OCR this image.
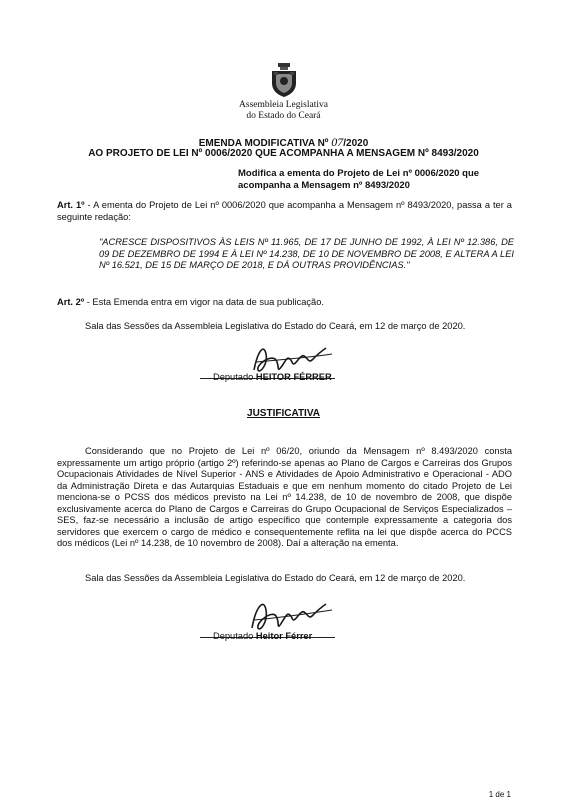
Assembleia Legislativa
do Estado do Ceará
EMENDA MODIFICATIVA Nº 07/2020
AO PROJETO DE LEI Nº 0006/2020 QUE ACOMPANHA A MENSAGEM Nº 8493/2020
Modifica a ementa do Projeto de Lei nº 0006/2020 que
acompanha a Mensagem nº 8493/2020
Art. 1º - A ementa do Projeto de Lei nº 0006/2020 que acompanha a Mensagem nº 8493/2020, passa a ter a seguinte redação:
"ACRESCE DISPOSITIVOS ÀS LEIS Nº 11.965, DE 17 DE JUNHO DE 1992, À LEI Nº 12.386, DE 09 DE DEZEMBRO DE 1994 E À LEI Nº 14.238, DE 10 DE NOVEMBRO DE 2008, E ALTERA A LEI Nº 16.521, DE 15 DE MARÇO DE 2018, E DÁ OUTRAS PROVIDÊNCIAS."
Art. 2º - Esta Emenda entra em vigor na data de sua publicação.
Sala das Sessões da Assembleia Legislativa do Estado do Ceará, em 12 de março de 2020.
Deputado HEITOR FÉRRER
JUSTIFICATIVA
Considerando que no Projeto de Lei nº 06/20, oriundo da Mensagem nº 8.493/2020 consta expressamente um artigo próprio (artigo 2º) referindo-se apenas ao Plano de Cargos e Carreiras dos Grupos Ocupacionais Atividades de Nível Superior - ANS e Atividades de Apoio Administrativo e Operacional - ADO da Administração Direta e das Autarquias Estaduais e que em nenhum momento do citado Projeto de Lei menciona-se o PCSS dos médicos previsto na Lei nº 14.238, de 10 de novembro de 2008, que dispõe exclusivamente acerca do Plano de Cargos e Carreiras do Grupo Ocupacional de Serviços Especializados – SES, faz-se necessário a inclusão de artigo específico que contemple expressamente a categoria dos servidores que exercem o cargo de médico e consequentemente reflita na lei que dispõe acerca do PCCS dos médicos (Lei nº 14.238, de 10 novembro de 2008). Daí a alteração na ementa.
Sala das Sessões da Assembleia Legislativa do Estado do Ceará, em 12 de março de 2020.
Deputado Heitor Férrer
1 de 1
